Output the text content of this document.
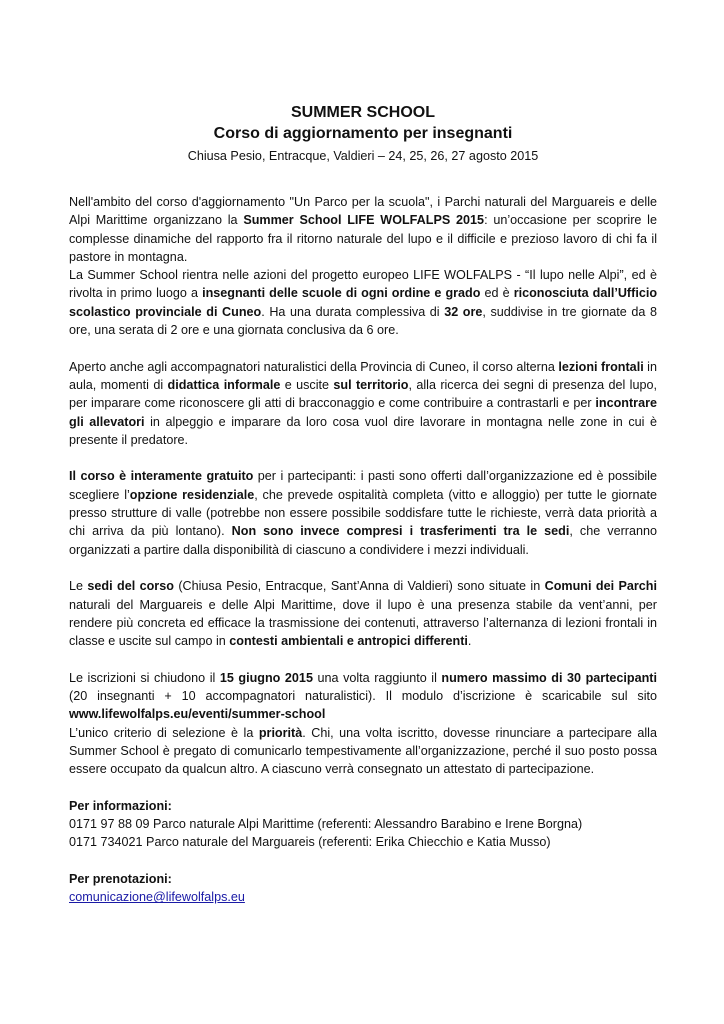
SUMMER SCHOOL
Corso di aggiornamento per insegnanti

Chiusa Pesio, Entracque, Valdieri – 24, 25, 26, 27 agosto 2015

Nell'ambito del corso d'aggiornamento "Un Parco per la scuola", i Parchi naturali del Marguareis e delle Alpi Marittime organizzano la Summer School LIFE WOLFALPS 2015: un’occasione per scoprire le complesse dinamiche del rapporto fra il ritorno naturale del lupo e il difficile e prezioso lavoro di chi fa il pastore in montagna.

La Summer School rientra nelle azioni del progetto europeo LIFE WOLFALPS - “Il lupo nelle Alpi”, ed è rivolta in primo luogo a insegnanti delle scuole di ogni ordine e grado ed è riconosciuta dall’Ufficio scolastico provinciale di Cuneo. Ha una durata complessiva di 32 ore, suddivise in tre giornate da 8 ore, una serata di 2 ore e una giornata conclusiva da 6 ore.

Aperto anche agli accompagnatori naturalistici della Provincia di Cuneo, il corso alterna lezioni frontali in aula, momenti di didattica informale e uscite sul territorio, alla ricerca dei segni di presenza del lupo, per imparare come riconoscere gli atti di bracconaggio e come contribuire a contrastarli e per incontrare gli allevatori in alpeggio e imparare da loro cosa vuol dire lavorare in montagna nelle zone in cui è presente il predatore.

Il corso è interamente gratuito per i partecipanti: i pasti sono offerti dall’organizzazione ed è possibile scegliere l’opzione residenziale, che prevede ospitalità completa (vitto e alloggio) per tutte le giornate presso strutture di valle (potrebbe non essere possibile soddisfare tutte le richieste, verrà data priorità a chi arriva da più lontano). Non sono invece compresi i trasferimenti tra le sedi, che verranno organizzati a partire dalla disponibilità di ciascuno a condividere i mezzi individuali.

Le sedi del corso (Chiusa Pesio, Entracque, Sant’Anna di Valdieri) sono situate in Comuni dei Parchi naturali del Marguareis e delle Alpi Marittime, dove il lupo è una presenza stabile da vent’anni, per rendere più concreta ed efficace la trasmissione dei contenuti, attraverso l’alternanza di lezioni frontali in classe e uscite sul campo in contesti ambientali e antropici differenti.

Le iscrizioni si chiudono il 15 giugno 2015 una volta raggiunto il numero massimo di 30 partecipanti (20 insegnanti + 10 accompagnatori naturalistici). Il modulo d’iscrizione è scaricabile sul sito www.lifewolfalps.eu/eventi/summer-school

L’unico criterio di selezione è la priorità. Chi, una volta iscritto, dovesse rinunciare a partecipare alla Summer School è pregato di comunicarlo tempestivamente all’organizzazione, perché il suo posto possa essere occupato da qualcun altro. A ciascuno verrà consegnato un attestato di partecipazione.

Per informazioni:
0171 97 88 09 Parco naturale Alpi Marittime (referenti: Alessandro Barabino e Irene Borgna)
0171 734021 Parco naturale del Marguareis (referenti: Erika Chiecchio e Katia Musso)

Per prenotazioni:
comunicazione@lifewolfalps.eu
